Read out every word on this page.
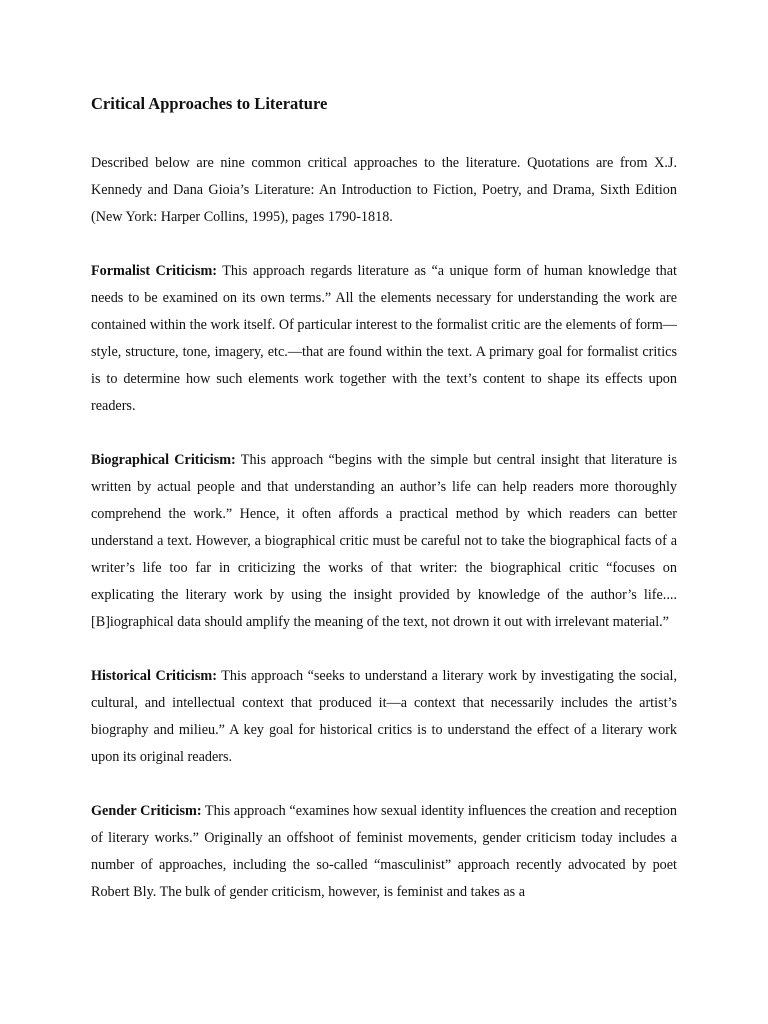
Critical Approaches to Literature

Described below are nine common critical approaches to the literature. Quotations are from X.J. Kennedy and Dana Gioia’s Literature: An Introduction to Fiction, Poetry, and Drama, Sixth Edition (New York: Harper Collins, 1995), pages 1790-1818.

Formalist Criticism: This approach regards literature as “a unique form of human knowledge that needs to be examined on its own terms.” All the elements necessary for understanding the work are contained within the work itself. Of particular interest to the formalist critic are the elements of form—style, structure, tone, imagery, etc.—that are found within the text. A primary goal for formalist critics is to determine how such elements work together with the text’s content to shape its effects upon readers.

Biographical Criticism: This approach “begins with the simple but central insight that literature is written by actual people and that understanding an author’s life can help readers more thoroughly comprehend the work.” Hence, it often affords a practical method by which readers can better understand a text. However, a biographical critic must be careful not to take the biographical facts of a writer’s life too far in criticizing the works of that writer: the biographical critic “focuses on explicating the literary work by using the insight provided by knowledge of the author’s life.... [B]iographical data should amplify the meaning of the text, not drown it out with irrelevant material.”

Historical Criticism: This approach “seeks to understand a literary work by investigating the social, cultural, and intellectual context that produced it—a context that necessarily includes the artist’s biography and milieu.” A key goal for historical critics is to understand the effect of a literary work upon its original readers.

Gender Criticism: This approach “examines how sexual identity influences the creation and reception of literary works.” Originally an offshoot of feminist movements, gender criticism today includes a number of approaches, including the so-called “masculinist” approach recently advocated by poet Robert Bly. The bulk of gender criticism, however, is feminist and takes as a
